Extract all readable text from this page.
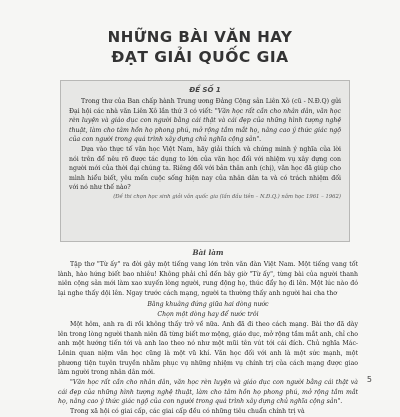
NHỮNG BÀI VĂN HAY
ĐẠT GIẢI QUỐC GIA
ĐỀ SỐ 1

Trong thư của Ban chấp hành Trung ương Đảng Cộng sản Liên Xô (cũ - N.Đ.Q) gửi Đại hội các nhà văn Liên Xô lần thứ 3 có viết: "Văn học rất cần cho nhân dân, văn học rèn luyện và giáo dục con người bằng cái thật và cái đẹp của những hình tượng nghệ thuật, làm cho tâm hồn họ phong phú, mở rộng tầm mắt họ, nâng cao ý thức giác ngộ của con người trong quá trình xây dựng chủ nghĩa cộng sản".

Dựa vào thực tế văn học Việt Nam, hãy giải thích và chứng minh ý nghĩa của lời nói trên để nêu rõ được tác dụng to lớn của văn học đối với nhiệm vụ xây dựng con người mới của thời đại chúng ta. Riêng đối với bản thân anh (chị), văn học đã giúp cho mình hiểu biết, yêu mến cuộc sống hiện nay của nhân dân ta và có trách nhiệm đối với nó như thế nào?

(Đề thi chọn học sinh giỏi văn quốc gia (lần đầu tiên – N.Đ.Q.) năm học 1961 – 1962)
Bài làm

Tập thơ "Từ ấy" ra đời gây một tiếng vang lớn trên văn đàn Việt Nam. Một tiếng vang tốt lành, hào hứng biết bao nhiêu! Không phải chỉ đến bây giờ "Từ ấy", từng bài của người thanh niên cộng sản mới làm xao xuyến lòng người, rung động họ, thúc đẩy họ đi lên. Một lúc nào đó lại nghe thấy dội lên. Ngay trước cách mạng, người ta thường thấy anh người hai cha thơ

Băng khuâng đứng giữa hai dòng nước
Chọn một dòng hay để nước trôi

Một hôm, anh ra đi rồi không thấy trở về nữa. Anh đã đi theo cách mạng. Bài thơ đã dày lên trong lòng người thanh niên đã từng biết mơ mộng, giáo dục, mở rộng tầm mắt anh, chỉ cho anh một hướng tiến tới và anh lao theo nó như một mũi tên vút tới cái đích. Chủ nghĩa Mác-Lênin quan niệm văn học cũng là một vũ khí. Văn học đối với anh là một sức mạnh, một phương tiện tuyên truyền nhằm phục vụ những nhiệm vụ chính trị của cách mạng được giao làm người trong nhân dân mới.

"Văn học rất cần cho nhân dân, văn học rèn luyện và giáo dục con người bằng cái thật và cái đẹp của những hình tượng nghệ thuật, làm cho tâm hồn họ phong phú, mở rộng tầm mắt họ, nâng cao ý thức giác ngộ của con người trong quá trình xây dựng chủ nghĩa cộng sản".

Trong xã hội có giai cấp, các giai cấp đều có những tiêu chuẩn chính trị và

5
